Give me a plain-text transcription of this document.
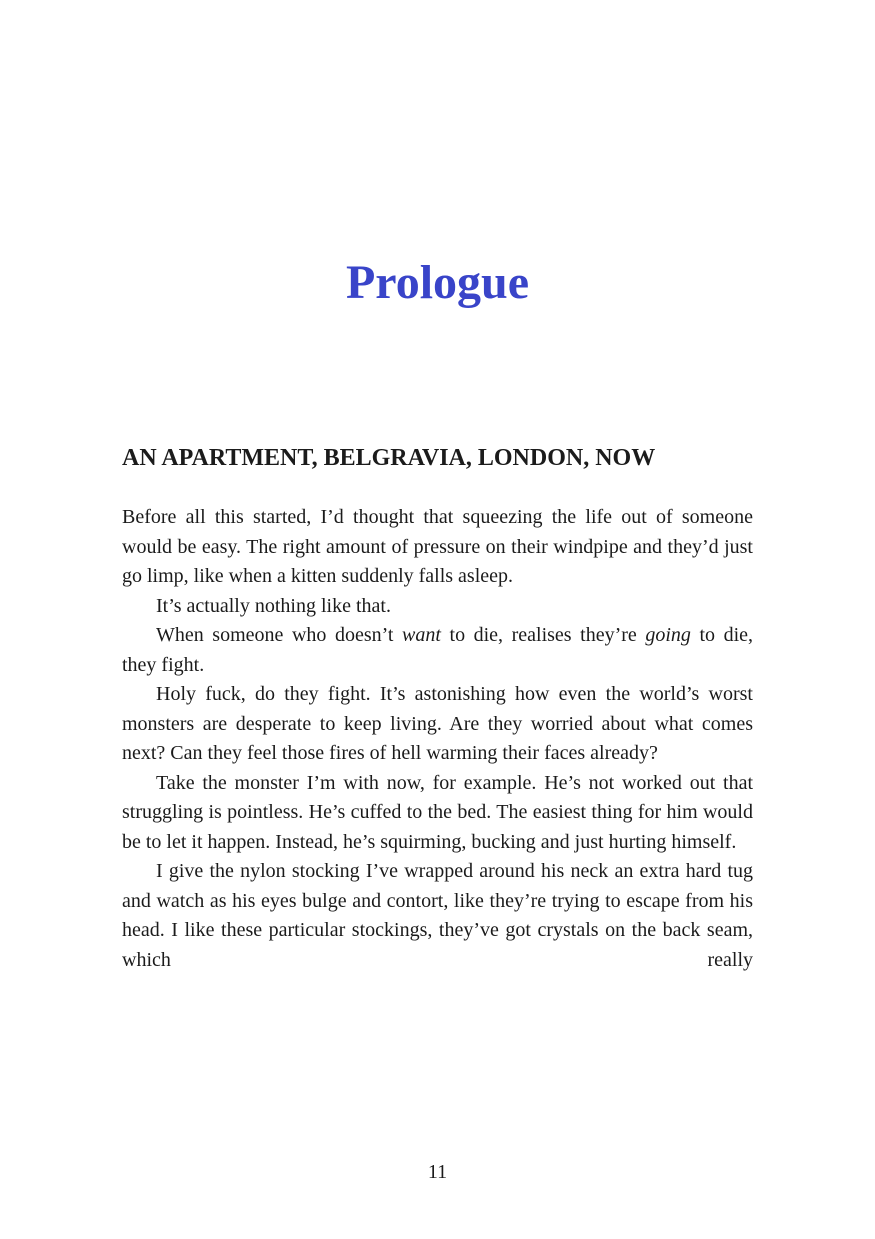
Prologue
AN APARTMENT, BELGRAVIA, LONDON, NOW

Before all this started, I’d thought that squeezing the life out of someone would be easy. The right amount of pressure on their windpipe and they’d just go limp, like when a kitten suddenly falls asleep.

It’s actually nothing like that.

When someone who doesn’t want to die, realises they’re going to die, they fight.

Holy fuck, do they fight. It’s astonishing how even the world’s worst monsters are desperate to keep living. Are they worried about what comes next? Can they feel those fires of hell warming their faces already?

Take the monster I’m with now, for example. He’s not worked out that struggling is pointless. He’s cuffed to the bed. The easiest thing for him would be to let it happen. Instead, he’s squirming, bucking and just hurting himself.

I give the nylon stocking I’ve wrapped around his neck an extra hard tug and watch as his eyes bulge and contort, like they’re trying to escape from his head. I like these particular stockings, they’ve got crystals on the back seam, which really

11
